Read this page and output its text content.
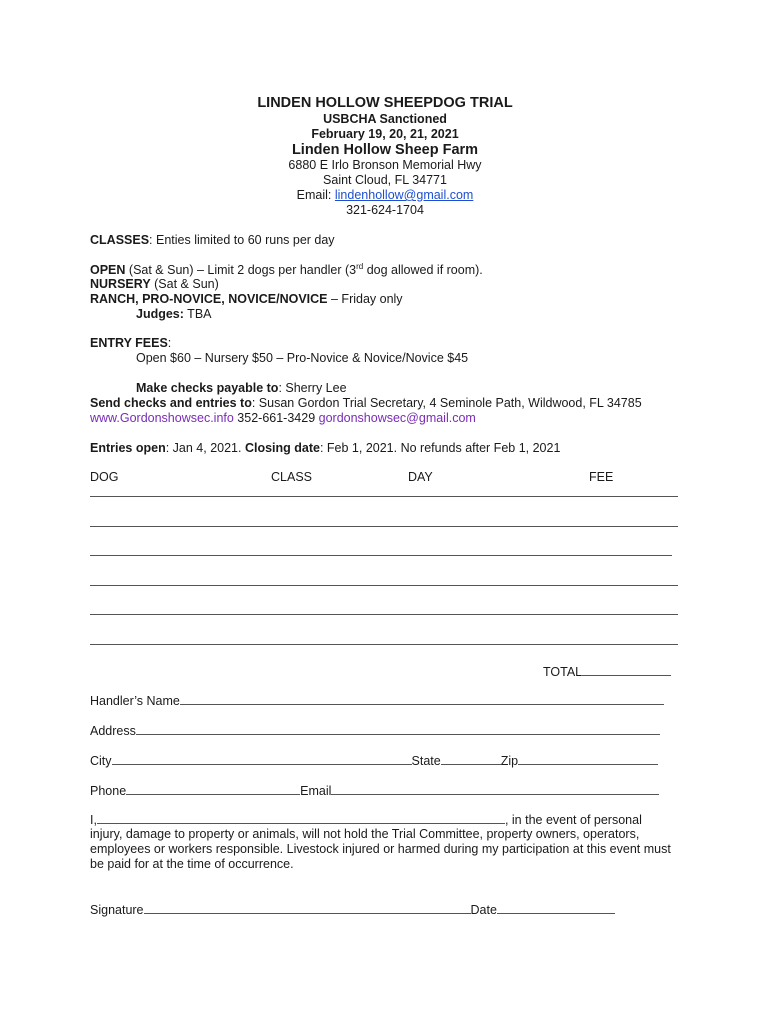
LINDEN HOLLOW SHEEPDOG TRIAL
USBCHA Sanctioned
February 19, 20, 21, 2021
Linden Hollow Sheep Farm
6880 E Irlo Bronson Memorial Hwy
Saint Cloud, FL 34771
Email: lindenhollow@gmail.com
321-624-1704
CLASSES: Enties limited to 60 runs per day
OPEN (Sat & Sun) – Limit 2 dogs per handler (3rd dog allowed if room).
NURSERY (Sat & Sun)
RANCH, PRO-NOVICE, NOVICE/NOVICE – Friday only
Judges: TBA
ENTRY FEES:
Open $60 – Nursery $50 – Pro-Novice & Novice/Novice $45
Make checks payable to: Sherry Lee
Send checks and entries to: Susan Gordon Trial Secretary, 4 Seminole Path, Wildwood, FL 34785
www.Gordonshowsec.info 352-661-3429 gordonshowsec@gmail.com
Entries open: Jan 4, 2021. Closing date: Feb 1, 2021. No refunds after Feb 1, 2021
DOG	CLASS	DAY	FEE
TOTAL
Handler’s Name
Address
City	State	Zip
Phone	Email
I,	, in the event of personal
injury, damage to property or animals, will not hold the Trial Committee, property owners, operators, employees or workers responsible. Livestock injured or harmed during my participation at this event must be paid for at the time of occurrence.
Signature	Date
